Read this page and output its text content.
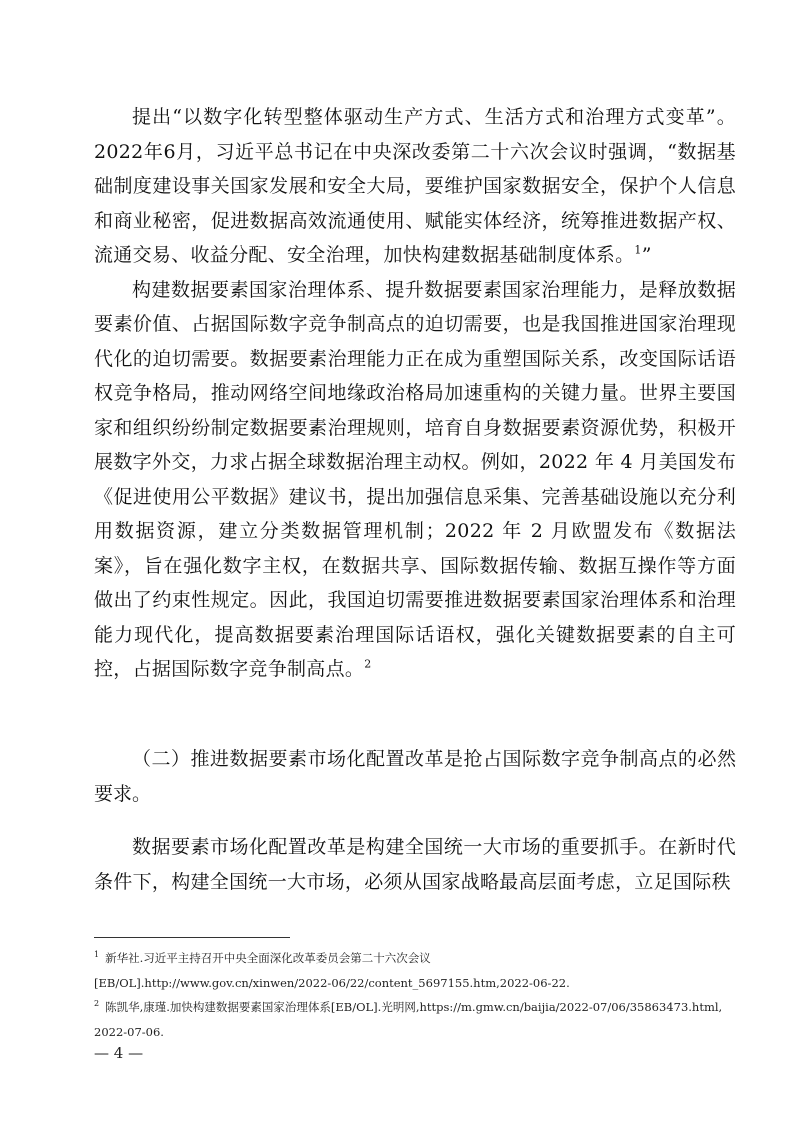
提出“以数字化转型整体驱动生产方式、生活方式和治理方式变革”。2022年6月，习近平总书记在中央深改委第二十六次会议时强调，“数据基础制度建设事关国家发展和安全大局，要维护国家数据安全，保护个人信息和商业秘密，促进数据高效流通使用、赋能实体经济，统筹推进数据产权、流通交易、收益分配、安全治理，加快构建数据基础制度体系。$^1$”

构建数据要素国家治理体系、提升数据要素国家治理能力，是释放数据要素价值、占据国际数字竞争制高点的迫切需要，也是我国推进国家治理现代化的迫切需要。数据要素治理能力正在成为重塑国际关系，改变国际话语权竞争格局，推动网络空间地缘政治格局加速重构的关键力量。世界主要国家和组织纷纷制定数据要素治理规则，培育自身数据要素资源优势，积极开展数字外交，力求占据全球数据治理主动权。例如，2022 年 4 月美国发布《促进使用公平数据》建议书，提出加强信息采集、完善基础设施以充分利用数据资源，建立分类数据管理机制；2022 年 2 月欧盟发布《数据法案》，旨在强化数字主权，在数据共享、国际数据传输、数据互操作等方面做出了约束性规定。因此，我国迫切需要推进数据要素国家治理体系和治理能力现代化，提高数据要素治理国际话语权，强化关键数据要素的自主可控，占据国际数字竞争制高点。$^2$

（二）推进数据要素市场化配置改革是抢占国际数字竞争制高点的必然要求。

数据要素市场化配置改革是构建全国统一大市场的重要抓手。在新时代条件下，构建全国统一大市场，必须从国家战略最高层面考虑，立足国际秩

$^1$ 新华社.习近平主持召开中央全面深化改革委员会第二十六次会议

[EB/OL].http://www.gov.cn/xinwen/2022-06/22/content_5697155.htm,2022-06-22.

$^2$ 陈凯华,康瑾.加快构建数据要素国家治理体系[EB/OL].光明网,https://m.gmw.cn/baijia/2022-07/06/35863473.html,

2022-07-06.

— 4 —
